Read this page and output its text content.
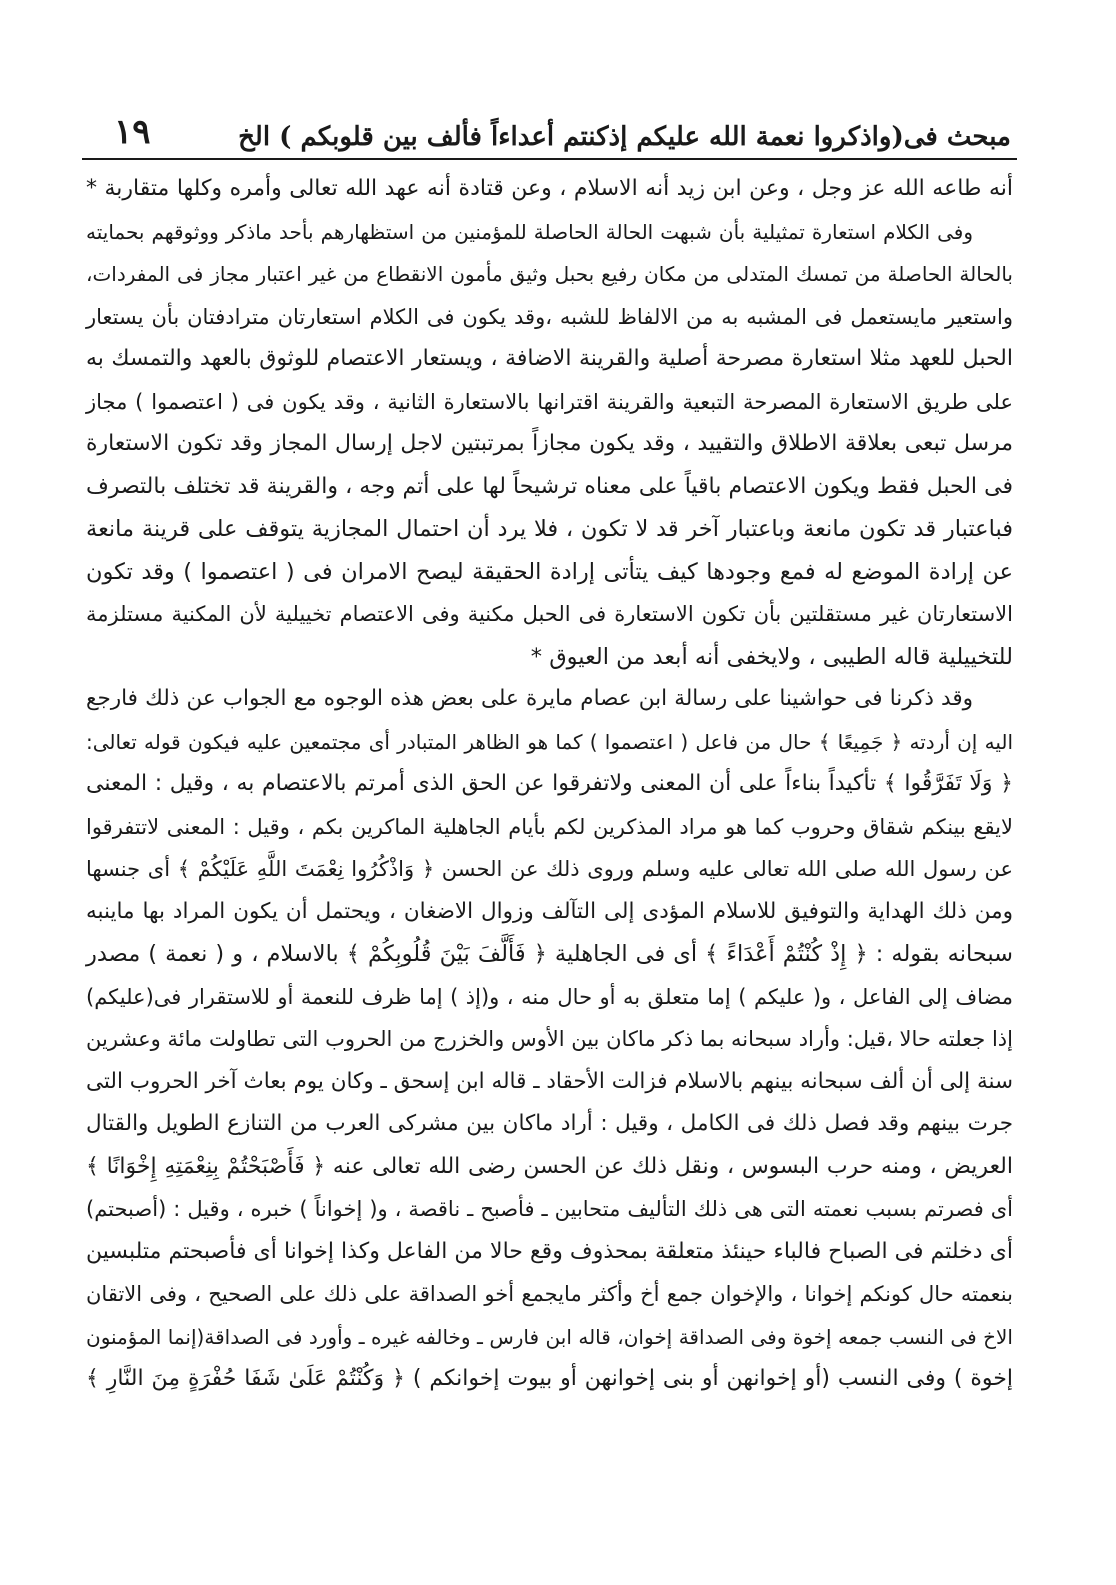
مبحث فى(واذكروا نعمة الله عليكم إذكنتم أعداءاً فألف بين قلوبكم ) الخ
١٩
أنه طاعه الله عز وجل ، وعن ابن زيد أنه الاسلام ، وعن قتادة أنه عهد الله تعالى وأمره وكلها متقاربة *
وفى الكلام استعارة تمثيلية بأن شبهت الحالة الحاصلة للمؤمنين من استظهارهم بأحد ماذكر ووثوقهم بحمايته
بالحالة الحاصلة من تمسك المتدلى من مكان رفيع بحبل وثيق مأمون الانقطاع من غير اعتبار مجاز فى المفردات،
واستعير مايستعمل فى المشبه به من الالفاظ للشبه ،وقد يكون فى الكلام استعارتان مترادفتان بأن يستعار
الحبل للعهد مثلا استعارة مصرحة أصلية والقرينة الاضافة ، ويستعار الاعتصام للوثوق بالعهد والتمسك به
على طريق الاستعارة المصرحة التبعية والقرينة اقترانها بالاستعارة الثانية ، وقد يكون فى ( اعتصموا ) مجاز
مرسل تبعى بعلاقة الاطلاق والتقييد ، وقد يكون مجازاً بمرتبتين لاجل إرسال المجاز وقد تكون الاستعارة
فى الحبل فقط ويكون الاعتصام باقياً على معناه ترشيحاً لها على أتم وجه ، والقرينة قد تختلف بالتصرف
فباعتبار قد تكون مانعة وباعتبار آخر قد لا تكون ، فلا يرد أن احتمال المجازية يتوقف على قرينة مانعة
عن إرادة الموضع له فمع وجودها كيف يتأتى إرادة الحقيقة ليصح الامران فى ( اعتصموا ) وقد تكون
الاستعارتان غير مستقلتين بأن تكون الاستعارة فى الحبل مكنية وفى الاعتصام تخييلية لأن المكنية مستلزمة
للتخييلية قاله الطيبى ، ولايخفى أنه أبعد من العيوق *
وقد ذكرنا فى حواشينا على رسالة ابن عصام مايرة على بعض هذه الوجوه مع الجواب عن ذلك فارجع
اليه إن أردته ﴿ جَمِيعًا ﴾ حال من فاعل ( اعتصموا ) كما هو الظاهر المتبادر أى مجتمعين عليه فيكون قوله تعالى:
﴿ وَلَا تَفَرَّقُوا ﴾ تأكيداً بناءاً على أن المعنى ولاتفرقوا عن الحق الذى أمرتم بالاعتصام به ، وقيل : المعنى
لايقع بينكم شقاق وحروب كما هو مراد المذكرين لكم بأيام الجاهلية الماكرين بكم ، وقيل : المعنى لاتتفرقوا
عن رسول الله صلى الله تعالى عليه وسلم وروى ذلك عن الحسن ﴿ وَاذْكُرُوا نِعْمَتَ اللَّهِ عَلَيْكُمْ ﴾ أى جنسها
ومن ذلك الهداية والتوفيق للاسلام المؤدى إلى التآلف وزوال الاضغان ، ويحتمل أن يكون المراد بها ماينبه
سبحانه بقوله : ﴿ إِذْ كُنْتُمْ أَعْدَاءً ﴾ أى فى الجاهلية ﴿ فَأَلَّفَ بَيْنَ قُلُوبِكُمْ ﴾ بالاسلام ، و ( نعمة ) مصدر
مضاف إلى الفاعل ، و( عليكم ) إما متعلق به أو حال منه ، و(إذ ) إما ظرف للنعمة أو للاستقرار فى(عليكم)
إذا جعلته حالا ،قيل: وأراد سبحانه بما ذكر ماكان بين الأوس والخزرج من الحروب التى تطاولت مائة وعشرين
سنة إلى أن ألف سبحانه بينهم بالاسلام فزالت الأحقاد ـ قاله ابن إسحق ـ وكان يوم بعاث آخر الحروب التى
جرت بينهم وقد فصل ذلك فى الكامل ، وقيل : أراد ماكان بين مشركى العرب من التنازع الطويل والقتال
العريض ، ومنه حرب البسوس ، ونقل ذلك عن الحسن رضى الله تعالى عنه ﴿ فَأَصْبَحْتُمْ بِنِعْمَتِهِ إِخْوَانًا ﴾
أى فصرتم بسبب نعمته التى هى ذلك التأليف متحابين ـ فأصبح ـ ناقصة ، و( إخواناً ) خبره ، وقيل : (أصبحتم)
أى دخلتم فى الصباح فالباء حينئذ متعلقة بمحذوف وقع حالا من الفاعل وكذا إخوانا أى فأصبحتم متلبسين
بنعمته حال كونكم إخوانا ، والإخوان جمع أخ وأكثر مايجمع أخو الصداقة على ذلك على الصحيح ، وفى الاتقان
الاخ فى النسب جمعه إخوة وفى الصداقة إخوان، قاله ابن فارس ـ وخالفه غيره ـ وأورد فى الصداقة(إنما المؤمنون
إخوة ) وفى النسب (أو إخوانهن أو بنى إخوانهن أو بيوت إخوانكم ) ﴿ وَكُنْتُمْ عَلَىٰ شَفَا حُفْرَةٍ مِنَ النَّارِ ﴾
